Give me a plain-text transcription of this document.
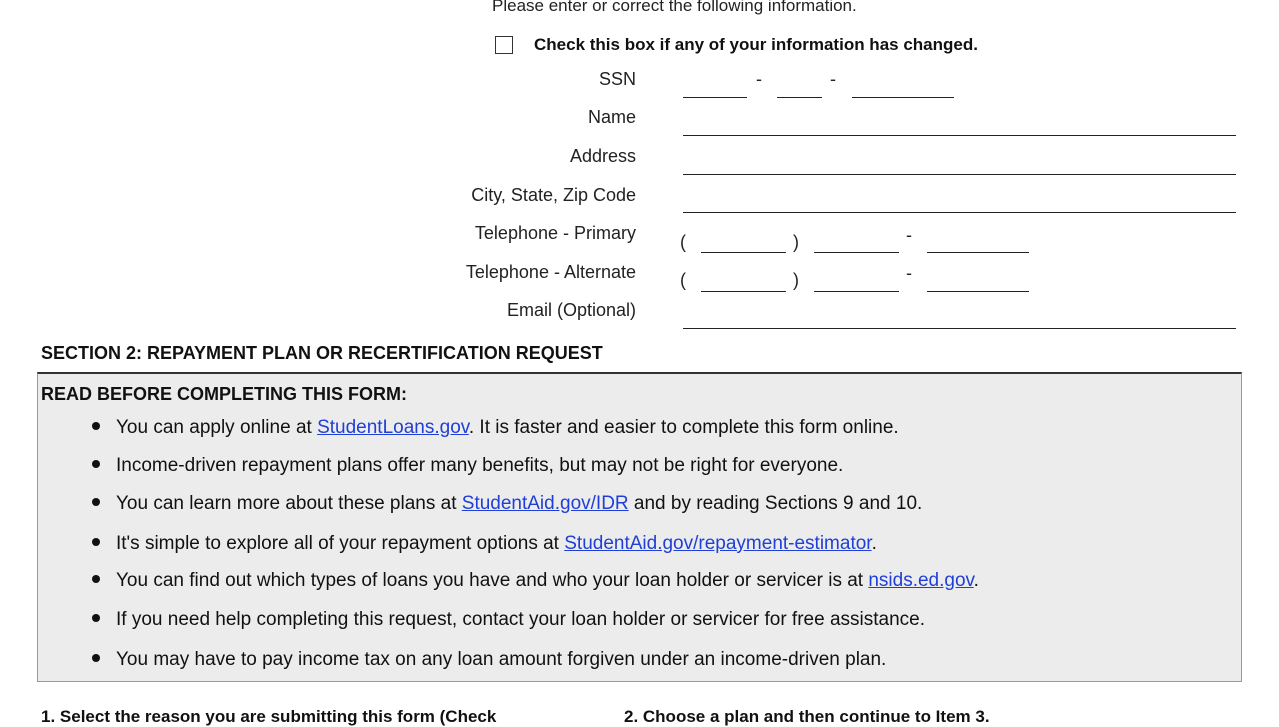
Please enter or correct the following information.
Check this box if any of your information has changed.
SSN	-	-
Name
Address
City, State, Zip Code
Telephone - Primary (	)	-
Telephone - Alternate (	)	-
Email (Optional)
SECTION 2: REPAYMENT PLAN OR RECERTIFICATION REQUEST
READ BEFORE COMPLETING THIS FORM:
You can apply online at StudentLoans.gov. It is faster and easier to complete this form online.
Income-driven repayment plans offer many benefits, but may not be right for everyone.
You can learn more about these plans at StudentAid.gov/IDR and by reading Sections 9 and 10.
It's simple to explore all of your repayment options at StudentAid.gov/repayment-estimator.
You can find out which types of loans you have and who your loan holder or servicer is at nsids.ed.gov.
If you need help completing this request, contact your loan holder or servicer for free assistance.
You may have to pay income tax on any loan amount forgiven under an income-driven plan.
1. Select the reason you are submitting this form (Check	2. Choose a plan and then continue to Item 3.
